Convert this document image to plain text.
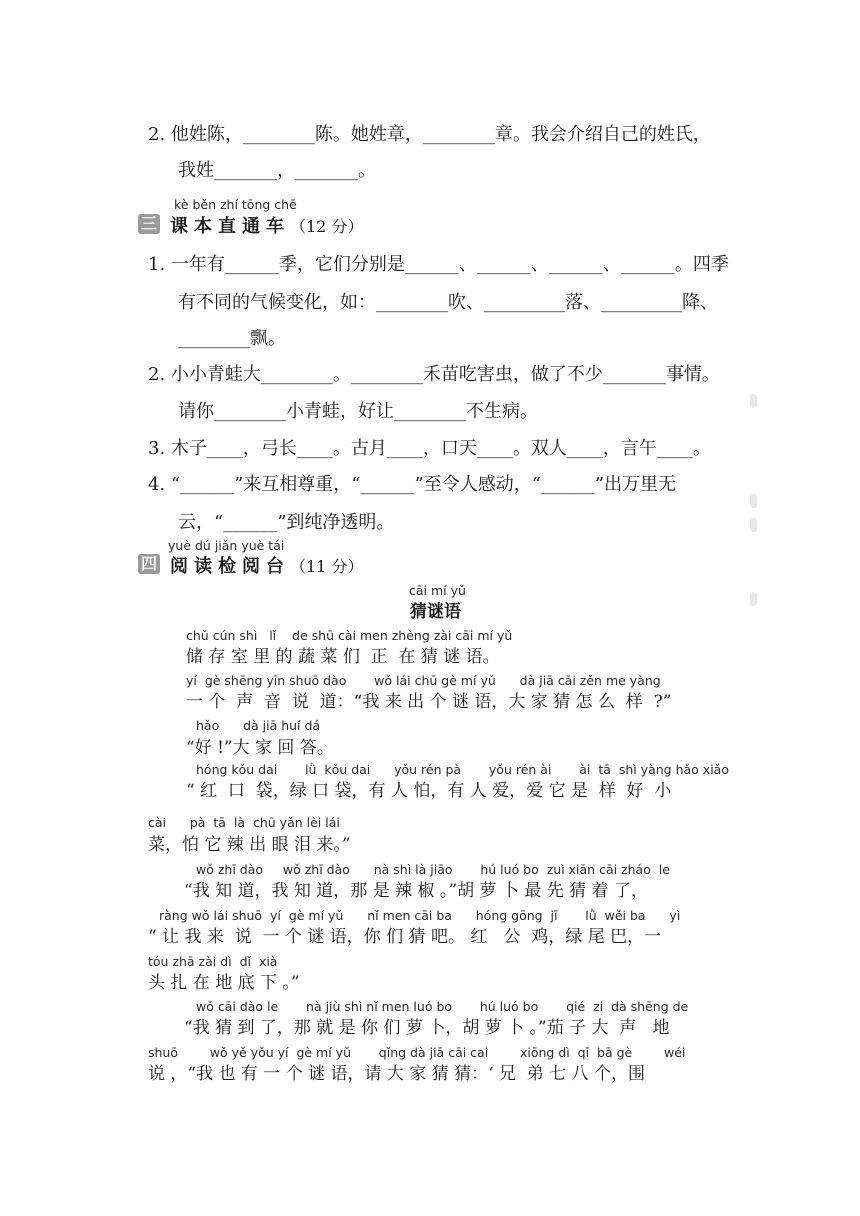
2. 他姓陈，________陈。她姓章，________章。我会介绍自己的姓氏，
我姓_______，_______。
kè běn zhí tōng chē
三 课本直通车（12 分）
1. 一年有______季，它们分别是______、______、______、______。四季
有不同的气候变化，如：________吹、_________落、_________降、
________飘。
2. 小小青蛙大________。________禾苗吃害虫，做了不少_______事情。
请你________小青蛙，好让________不生病。
3. 木子____，弓长____。古月____，口天____。双人____，言午____。
4. “______”来互相尊重，“______”至令人感动，“______”出万里无
云，“______”到纯净透明。
yuè dú jiǎn yuè tái
四 阅读检阅台（11 分）
cāi mí yǔ
猜谜语
chǔ cún shì   lǐ    de shū cài men zhèng zài cāi mí yǔ
储 存 室 里 的 蔬 菜 们  正  在 猜 谜 语。
yí  gè shēng yīn shuō dào       wǒ lái chū gè mí yǔ      dà jiā cāi zěn me yàng
一 个  声  音  说  道：“我 来 出 个 谜 语，大 家 猜 怎 么  样  ?”
hǎo      dà jiā huí dá
“好 !”大 家 回 答。
hóng kǒu dai       lǜ  kǒu dai      yǒu rén pà       yǒu rén ài       ài  tā  shì yàng hǎo xiǎo
“ 红  口  袋，绿 口 袋，有 人 怕，有 人 爱，爱 它 是  样  好  小
cài      pà  tā  là  chū yǎn lèi lái
菜，怕 它 辣 出 眼 泪 来。”
wǒ zhī dào     wǒ zhī dào      nà shì là jiāo       hú luó bo  zuì xiān cāi zháo  le
“我 知 道，我 知 道，那 是 辣 椒 。”胡 萝 卜 最 先 猜 着 了，
ràng wǒ lái shuō  yí  gè mí yǔ      nǐ men cāi ba      hóng gōng  jī       lǜ  wěi ba      yì
“ 让 我 来  说  一 个 谜 语，你 们 猜 吧。 红   公  鸡，绿 尾 巴，一
tóu zhā zài dì  dǐ  xià
头 扎 在 地 底 下 。”
wǒ cāi dào le       nà jiù shì nǐ men luó bo       hú luó bo       qié  zi  dà shēng de
“我 猜 到 了，那 就 是 你 们 萝 卜，胡 萝 卜 。”茄 子 大  声   地
shuō        wǒ yě yǒu yí  gè mí yǔ       qǐng dà jiā cāi cai        xiōng dì  qī  bā gè        wéi
说 ，“我 也 有 一 个 谜 语，请 大 家 猜 猜：‘ 兄  弟 七 八 个，围
